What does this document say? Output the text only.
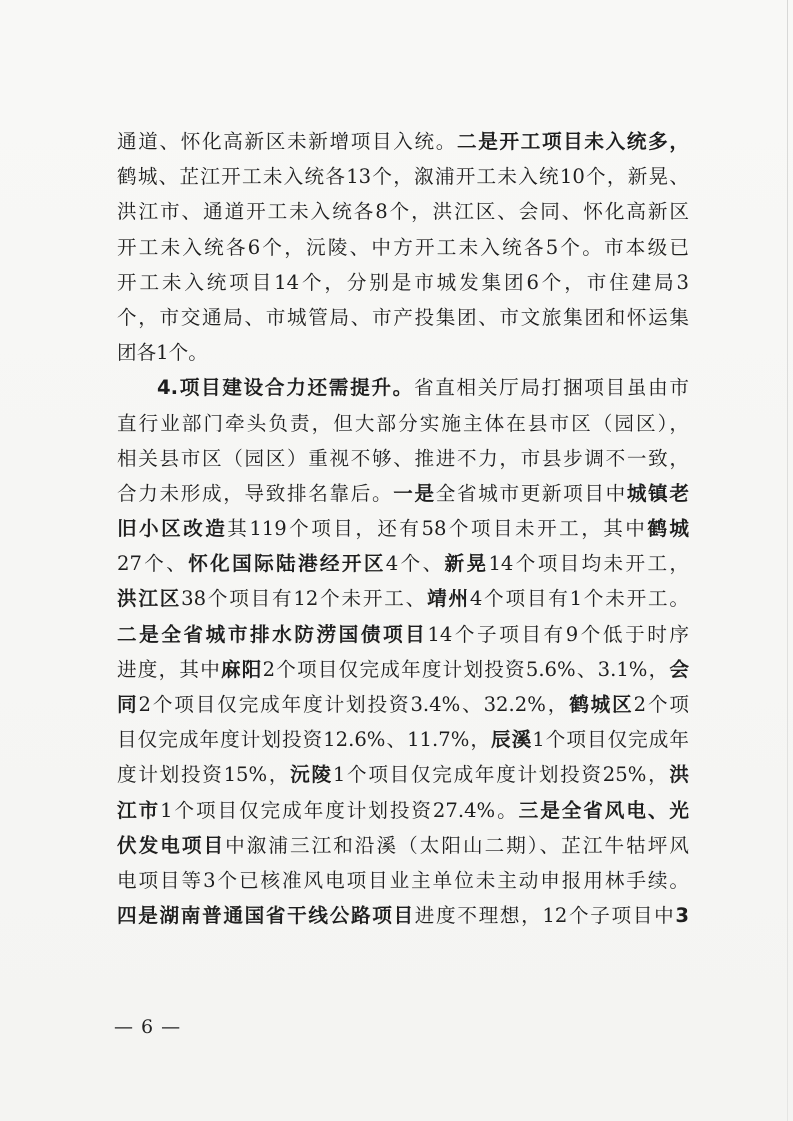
通道、怀化高新区未新增项目入统。二是开工项目未入统多，
鹤城、芷江开工未入统各13个，溆浦开工未入统10个，新晃、
洪江市、通道开工未入统各8个，洪江区、会同、怀化高新区
开工未入统各6个，沅陵、中方开工未入统各5个。市本级已
开工未入统项目14个，分别是市城发集团6个，市住建局3
个，市交通局、市城管局、市产投集团、市文旅集团和怀运集
团各1个。
4.项目建设合力还需提升。省直相关厅局打捆项目虽由市
直行业部门牵头负责，但大部分实施主体在县市区（园区），
相关县市区（园区）重视不够、推进不力，市县步调不一致，
合力未形成，导致排名靠后。一是全省城市更新项目中城镇老
旧小区改造其119个项目，还有58个项目未开工，其中鹤城
27个、怀化国际陆港经开区4个、新晃14个项目均未开工，
洪江区38个项目有12个未开工、靖州4个项目有1个未开工。
二是全省城市排水防涝国债项目14个子项目有9个低于时序
进度，其中麻阳2个项目仅完成年度计划投资5.6%、3.1%，会
同2个项目仅完成年度计划投资3.4%、32.2%，鹤城区2个项
目仅完成年度计划投资12.6%、11.7%，辰溪1个项目仅完成年
度计划投资15%，沅陵1个项目仅完成年度计划投资25%，洪
江市1个项目仅完成年度计划投资27.4%。三是全省风电、光
伏发电项目中溆浦三江和沿溪（太阳山二期）、芷江牛牯坪风
电项目等3个已核准风电项目业主单位未主动申报用林手续。
四是湖南普通国省干线公路项目进度不理想，12个子项目中3
— 6 —
